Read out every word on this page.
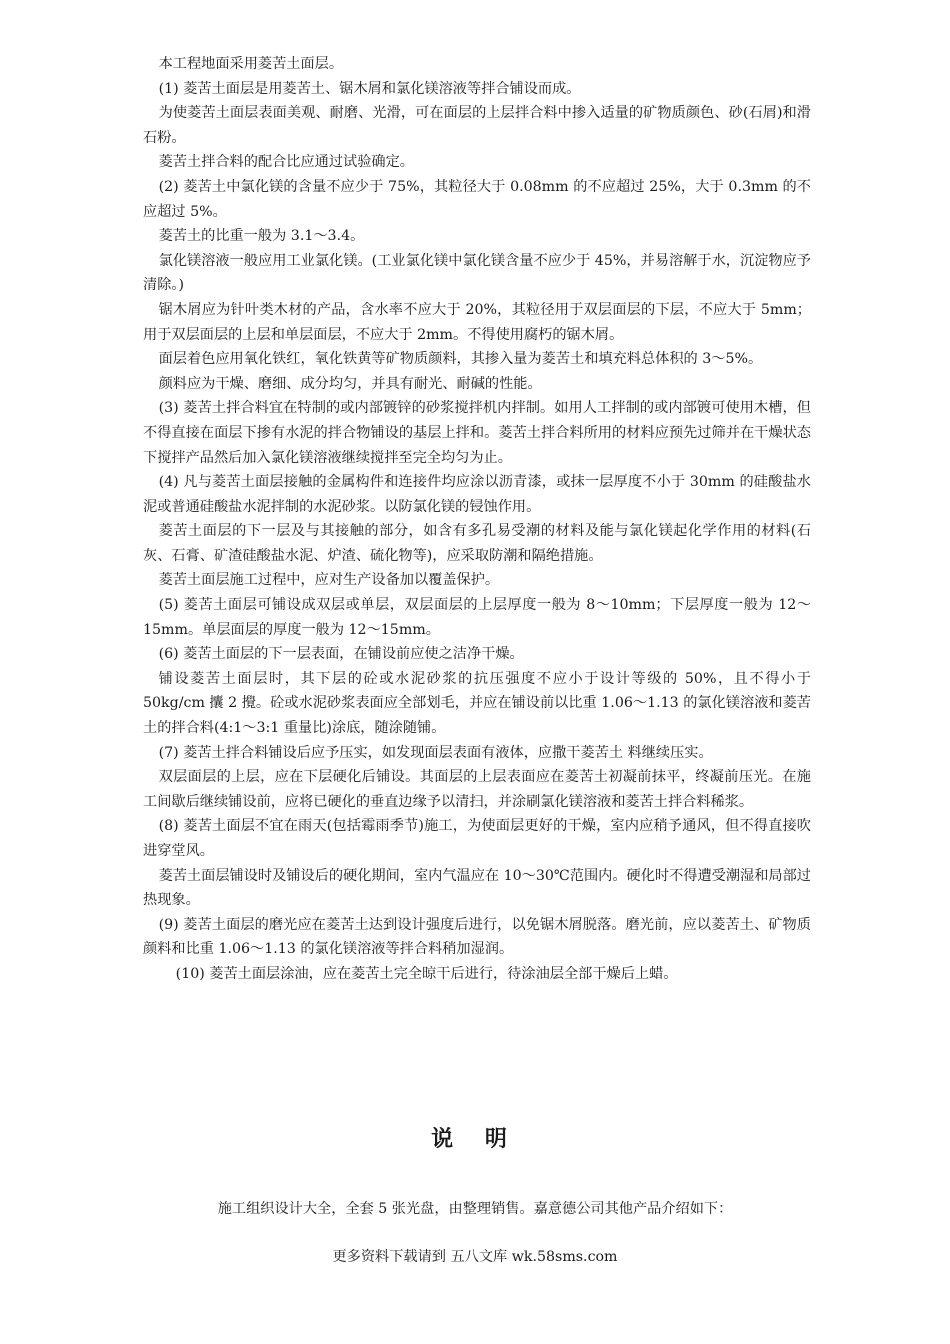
本工程地面采用菱苦土面层。

(1) 菱苦土面层是用菱苦土、锯木屑和氯化镁溶液等拌合铺设而成。

为使菱苦土面层表面美观、耐磨、光滑，可在面层的上层拌合料中掺入适量的矿物质颜色、砂(石屑)和滑石粉。

菱苦土拌合料的配合比应通过试验确定。

(2) 菱苦土中氯化镁的含量不应少于 75%，其粒径大于 0.08mm 的不应超过 25%，大于 0.3mm 的不应超过 5%。

菱苦土的比重一般为 3.1～3.4。

氯化镁溶液一般应用工业氯化镁。(工业氯化镁中氯化镁含量不应少于 45%，并易溶解于水，沉淀物应予清除。)

锯木屑应为针叶类木材的产品，含水率不应大于 20%，其粒径用于双层面层的下层，不应大于 5mm；用于双层面层的上层和单层面层，不应大于 2mm。不得使用腐朽的锯木屑。

面层着色应用氧化铁红，氧化铁黄等矿物质颜料，其掺入量为菱苦土和填充料总体积的 3～5%。

颜料应为干燥、磨细、成分均匀，并具有耐光、耐碱的性能。

(3) 菱苦土拌合料宜在特制的或内部镀锌的砂浆搅拌机内拌制。如用人工拌制的或内部镀可使用木槽，但不得直接在面层下掺有水泥的拌合物铺设的基层上拌和。菱苦土拌合料所用的材料应预先过筛并在干燥状态下搅拌产品然后加入氯化镁溶液继续搅拌至完全均匀为止。

(4) 凡与菱苦土面层接触的金属构件和连接件均应涂以沥青漆，或抹一层厚度不小于 30mm 的硅酸盐水泥或普通硅酸盐水泥拌制的水泥砂浆。以防氯化镁的锓蚀作用。

菱苦土面层的下一层及与其接触的部分，如含有多孔易受潮的材料及能与氯化镁起化学作用的材料(石灰、石膏、矿渣硅酸盐水泥、炉渣、硫化物等)，应采取防潮和隔绝措施。

菱苦土面层施工过程中，应对生产设备加以覆盖保护。

(5) 菱苦土面层可铺设成双层或单层，双层面层的上层厚度一般为 8～10mm；下层厚度一般为 12～15mm。单层面层的厚度一般为 12～15mm。

(6) 菱苦土面层的下一层表面，在铺设前应使之洁净干燥。

铺设菱苦土面层时，其下层的砼或水泥砂浆的抗压强度不应小于设计等级的 50%，且不得小于 50kg/cm 攮 2 攪。砼或水泥砂浆表面应全部划毛，并应在铺设前以比重 1.06～1.13 的氯化镁溶液和菱苦土的拌合料(4:1～3:1 重量比)涂底，随涂随铺。

(7) 菱苦土拌合料铺设后应予压实，如发现面层表面有液体，应撒干菱苦土 料继续压实。

双层面层的上层，应在下层硬化后铺设。其面层的上层表面应在菱苦土初凝前抹平，终凝前压光。在施工间歇后继续铺设前，应将已硬化的垂直边缘予以清扫，并涂刷氯化镁溶液和菱苦土拌合料稀浆。

(8) 菱苦土面层不宜在雨天(包括霉雨季节)施工，为使面层更好的干燥，室内应稍予通风，但不得直接吹进穿堂风。

菱苦土面层铺设时及铺设后的硬化期间，室内气温应在 10～30℃范围内。硬化时不得遭受潮湿和局部过热现象。

(9) 菱苦土面层的磨光应在菱苦土达到设计强度后进行，以免锯木屑脱落。磨光前，应以菱苦土、矿物质颜料和比重 1.06～1.13 的氯化镁溶液等拌合料稍加湿润。

(10) 菱苦土面层涂油，应在菱苦土完全晾干后进行，待涂油层全部干燥后上蜡。

说 明
施工组织设计大全，全套 5 张光盘，由整理销售。嘉意德公司其他产品介绍如下：
更多资料下载请到 五八文库 wk.58sms.com
